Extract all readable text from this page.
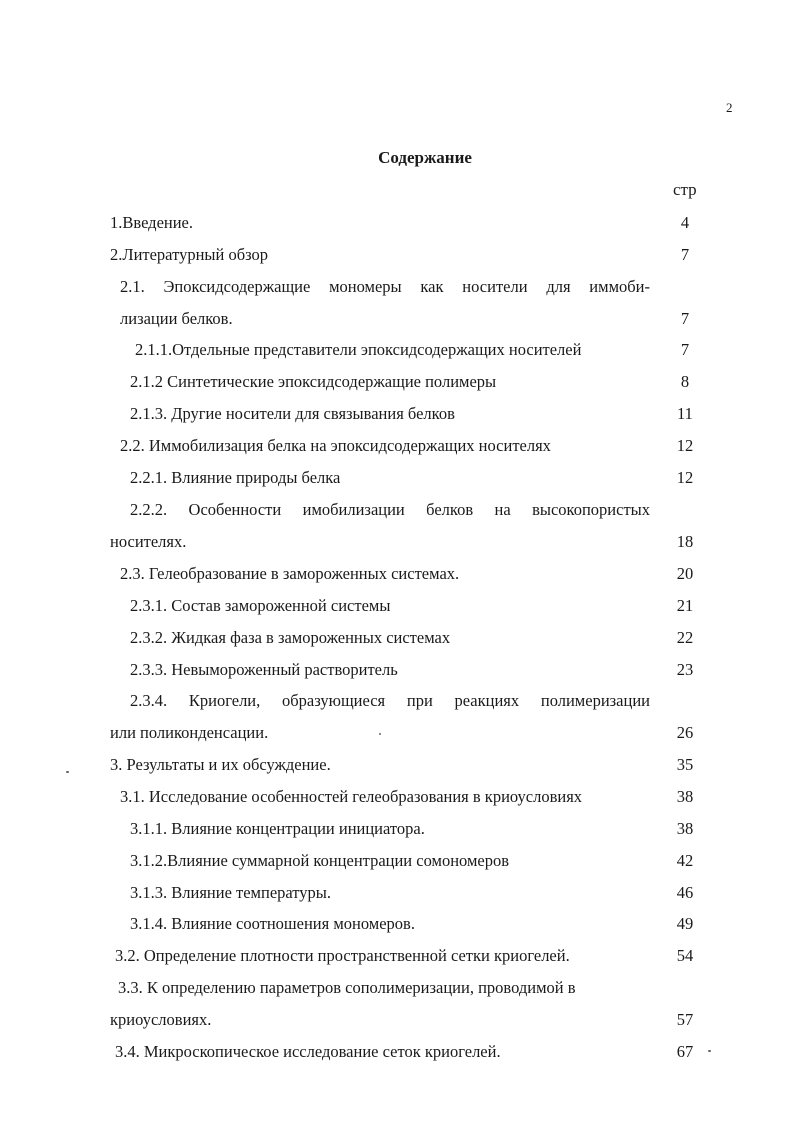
2
Содержание
стр
1.Введение.	4
2.Литературный обзор	7
2.1. Эпоксидсодержащие мономеры как носители для иммоби-
лизации белков.	7
2.1.1.Отдельные представители эпоксидсодержащих носителей	7
2.1.2 Синтетические эпоксидсодержащие полимеры	8
2.1.3. Другие носители для связывания белков	11
2.2. Иммобилизация белка на эпоксидсодержащих носителях	12
2.2.1. Влияние природы белка	12
2.2.2. Особенности имобилизации белков на высокопористых
носителях.	18
2.3. Гелеобразование в замороженных системах.	20
2.3.1. Состав замороженной системы	21
2.3.2. Жидкая фаза в замороженных системах	22
2.3.3. Невымороженный растворитель	23
2.3.4. Криогели, образующиеся при реакциях полимеризации
или поликонденсации.	26
3. Результаты и их обсуждение.	35
3.1. Исследование особенностей гелеобразования в криоусловиях	38
3.1.1. Влияние концентрации инициатора.	38
3.1.2.Влияние суммарной концентрации сомономеров	42
3.1.3. Влияние температуры.	46
3.1.4. Влияние соотношения мономеров.	49
3.2. Определение плотности пространственной сетки криогелей.	54
3.3. К определению параметров сополимеризации, проводимой в
криоусловиях.	57
3.4. Микроскопическое исследование сеток криогелей.	67
